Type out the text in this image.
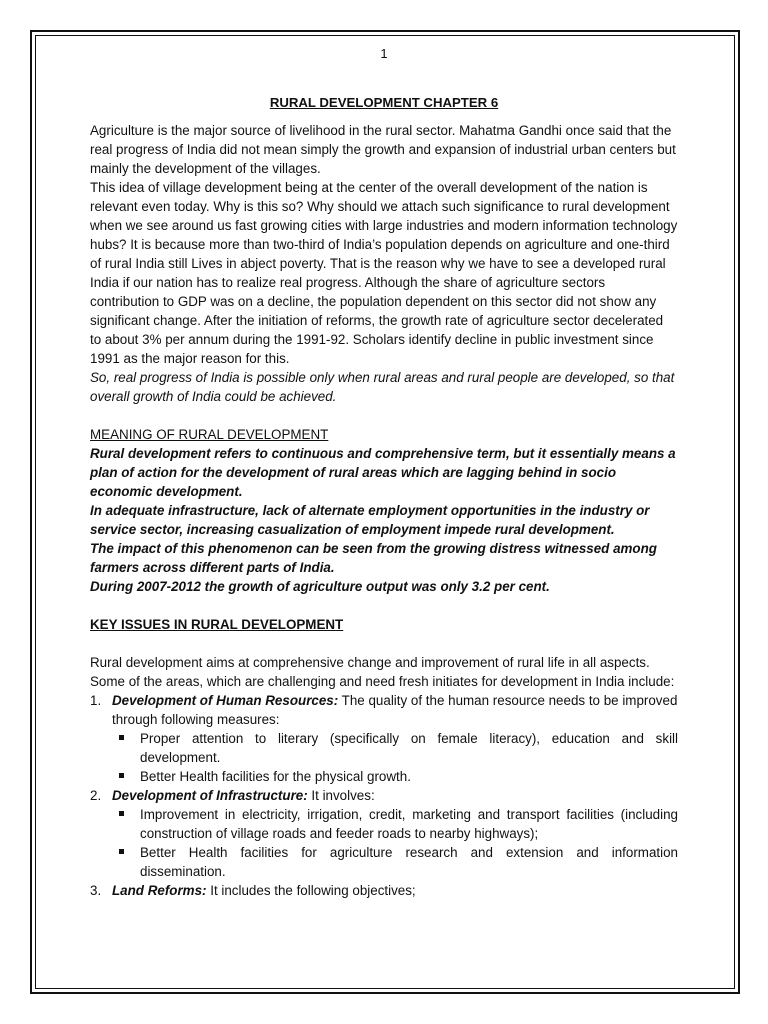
1

RURAL DEVELOPMENT CHAPTER 6

Agriculture is the major source of livelihood in the rural sector. Mahatma Gandhi once said that the real progress of India did not mean simply the growth and expansion of industrial urban centers but mainly the development of the villages.

This idea of village development being at the center of the overall development of the nation is relevant even today. Why is this so? Why should we attach such significance to rural development when we see around us fast growing cities with large industries and modern information technology hubs? It is because more than two-third of India’s population depends on agriculture and one-third of rural India still Lives in abject poverty. That is the reason why we have to see a developed rural India if our nation has to realize real progress. Although the share of agriculture sectors contribution to GDP was on a decline, the population dependent on this sector did not show any significant change. After the initiation of reforms, the growth rate of agriculture sector decelerated to about 3% per annum during the 1991-92. Scholars identify decline in public investment since 1991 as the major reason for this.

So, real progress of India is possible only when rural areas and rural people are developed, so that overall growth of India could be achieved.

MEANING OF RURAL DEVELOPMENT

Rural development refers to continuous and comprehensive term, but it essentially means a plan of action for the development of rural areas which are lagging behind in socio economic development.

In adequate infrastructure, lack of alternate employment opportunities in the industry or service sector, increasing casualization of employment impede rural development.

The impact of this phenomenon can be seen from the growing distress witnessed among farmers across different parts of India.

During 2007-2012 the growth of agriculture output was only 3.2 per cent.

KEY ISSUES IN RURAL DEVELOPMENT

Rural development aims at comprehensive change and improvement of rural life in all aspects. Some of the areas, which are challenging and need fresh initiates for development in India include:

1. Development of Human Resources: The quality of the human resource needs to be improved through following measures:
Proper attention to literary (specifically on female literacy), education and skill development.
Better Health facilities for the physical growth.
2. Development of Infrastructure: It involves:
Improvement in electricity, irrigation, credit, marketing and transport facilities (including construction of village roads and feeder roads to nearby highways);
Better Health facilities for agriculture research and extension and information dissemination.
3. Land Reforms: It includes the following objectives;
